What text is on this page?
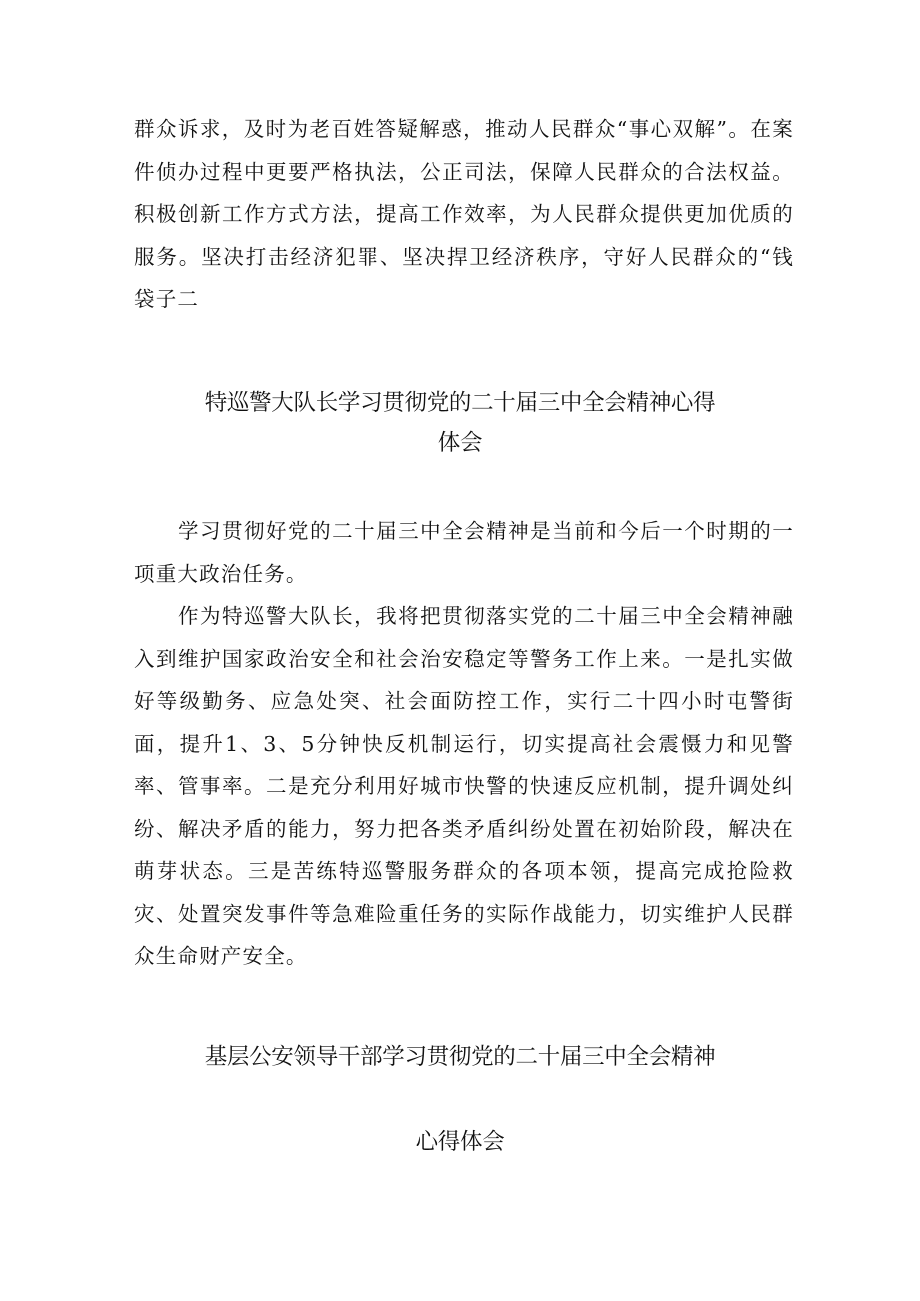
群众诉求，及时为老百姓答疑解惑，推动人民群众“事心双解”。在案件侦办过程中更要严格执法，公正司法，保障人民群众的合法权益。积极创新工作方式方法，提高工作效率，为人民群众提供更加优质的服务。坚决打击经济犯罪、坚决捍卫经济秩序，守好人民群众的“钱袋子二

特巡警大队长学习贯彻党的二十届三中全会精神心得
体会

学习贯彻好党的二十届三中全会精神是当前和今后一个时期的一项重大政治任务。

作为特巡警大队长，我将把贯彻落实党的二十届三中全会精神融入到维护国家政治安全和社会治安稳定等警务工作上来。一是扎实做好等级勤务、应急处突、社会面防控工作，实行二十四小时屯警街面，提升1、3、5分钟快反机制运行，切实提高社会震慑力和见警率、管事率。二是充分利用好城市快警的快速反应机制，提升调处纠纷、解决矛盾的能力，努力把各类矛盾纠纷处置在初始阶段，解决在萌芽状态。三是苦练特巡警服务群众的各项本领，提高完成抢险救灾、处置突发事件等急难险重任务的实际作战能力，切实维护人民群众生命财产安全。

基层公安领导干部学习贯彻党的二十届三中全会精神
心得体会
